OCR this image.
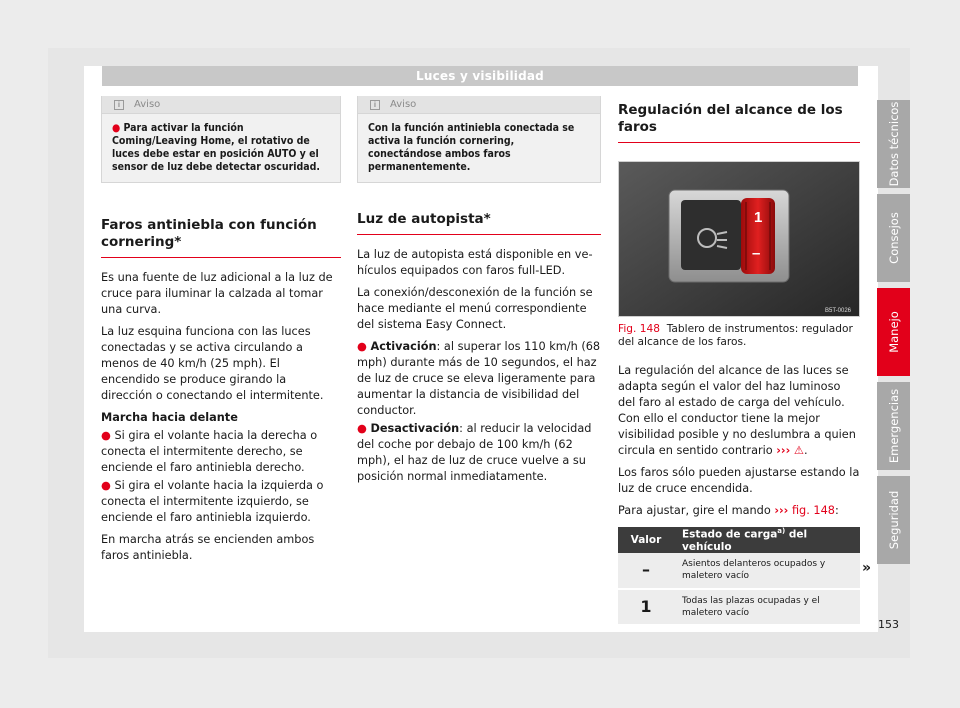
Luces y visibilidad
i	Aviso
● Para activar la función Coming/Leaving Home, el rotativo de luces debe estar en posición AUTO y el sensor de luz debe detectar oscuridad.
Faros antiniebla con función cornering*

Es una fuente de luz adicional a la luz de cruce para iluminar la calzada al tomar una curva.

La luz esquina funciona con las luces conectadas y se activa circulando a menos de 40 km/h (25 mph). El encendido se produce girando la dirección o conectando el intermitente.

Marcha hacia delante

● Si gira el volante hacia la derecha o conecta el intermitente derecho, se enciende el faro antiniebla derecho.

● Si gira el volante hacia la izquierda o conecta el intermitente izquierdo, se enciende el faro antiniebla izquierdo.

En marcha atrás se encienden ambos faros antiniebla.

i	Aviso
Con la función antiniebla conectada se activa la función cornering, conectándose ambos faros permanentemente.
Luz de autopista*

La luz de autopista está disponible en vehículos equipados con faros full-LED.

La conexión/desconexión de la función se hace mediante el menú correspondiente del sistema Easy Connect.

● Activación: al superar los 110 km/h (68 mph) durante más de 10 segundos, el haz de luz de cruce se eleva ligeramente para aumentar la distancia de visibilidad del conductor.

● Desactivación: al reducir la velocidad del coche por debajo de 100 km/h (62 mph), el haz de luz de cruce vuelve a su posición normal inmediatamente.

Regulación del alcance de los faros
1
–
B5T-0026
Fig. 148 Tablero de instrumentos: regulador del alcance de los faros.

La regulación del alcance de las luces se adapta según el valor del haz luminoso del faro al estado de carga del vehículo. Con ello el conductor tiene la mejor visibilidad posible y no deslumbra a quien circula en sentido contrario ››› ⚠.

Los faros sólo pueden ajustarse estando la luz de cruce encendida.

Para ajustar, gire el mando ››› fig. 148:

Valor	Estado de carga$^{a)}$ del vehículo
–	Asientos delanteros ocupados y maletero vacío
1	Todas las plazas ocupadas y el maletero vacío
»
Datos técnicos
Consejos
Manejo
Emergencias
Seguridad
153
